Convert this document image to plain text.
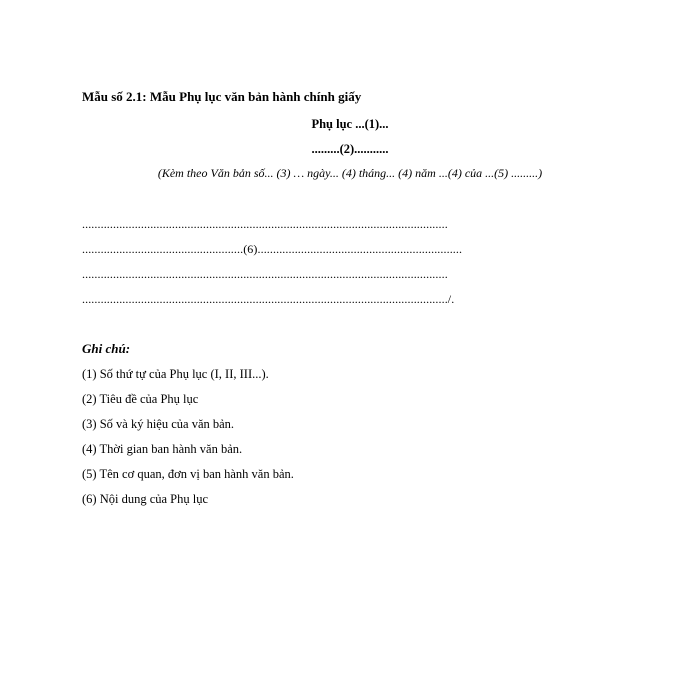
Mẫu số 2.1: Mẫu Phụ lục văn bản hành chính giấy
Phụ lục ...(1)...
.........(2)...........
(Kèm theo Văn bản số... (3) … ngày... (4) tháng... (4) năm ...(4) của ...(5) .........)
......................................................................................................................
....................................................(6)..................................................................
......................................................................................................................
....................................................................................................................../.
Ghi chú:
(1) Số thứ tự của Phụ lục (I, II, III...).
(2) Tiêu đề của Phụ lục
(3) Số và ký hiệu của văn bản.
(4) Thời gian ban hành văn bản.
(5) Tên cơ quan, đơn vị ban hành văn bản.
(6) Nội dung của Phụ lục
